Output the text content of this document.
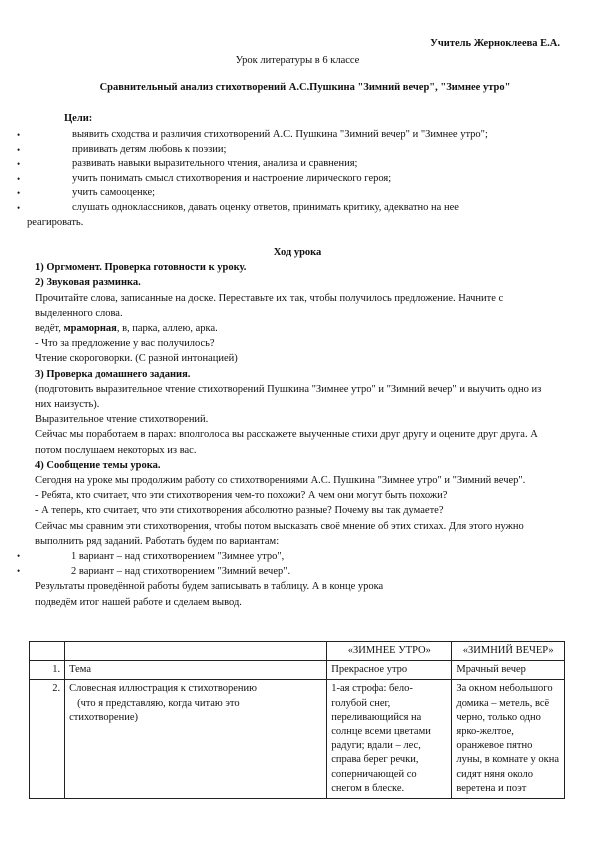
Учитель Жерноклеева Е.А.
Урок литературы в 6 классе
Сравнительный анализ стихотворений А.С.Пушкина "Зимний вечер", "Зимнее утро"
Цели:
•	выявить сходства и различия стихотворений А.С. Пушкина "Зимний вечер" и "Зимнее утро";
•	прививать детям любовь к поэзии;
•	развивать навыки выразительного чтения, анализа и сравнения;
•	учить понимать смысл стихотворения и настроение лирического героя;
•	учить самооценке;
•	слушать одноклассников, давать оценку ответов, принимать критику, адекватно на нее
реагировать.

Ход урока

1) Оргмомент. Проверка готовности к уроку.

2) Звуковая разминка.

Прочитайте слова, записанные на доске. Переставьте их так, чтобы получилось предложение. Начните с выделенного слова.

ведёт, мраморная, в, парка, аллею, арка.

- Что за предложение у вас получилось?

Чтение скороговорки. (С разной интонацией)

3) Проверка домашнего задания.

(подготовить выразительное чтение стихотворений Пушкина "Зимнее утро" и "Зимний вечер" и выучить одно из них наизусть).

Выразительное чтение стихотворений.

Сейчас мы поработаем в парах: вполголоса вы расскажете выученные стихи друг другу и оцените друг друга. А потом послушаем некоторых из вас.

4) Сообщение темы урока.

Сегодня на уроке мы продолжим работу со стихотворениями А.С. Пушкина "Зимнее утро" и "Зимний вечер".

- Ребята, кто считает, что эти стихотворения чем-то похожи? А чем они могут быть похожи?

- А теперь, кто считает, что эти стихотворения абсолютно разные? Почему вы так думаете?

Сейчас мы сравним эти стихотворения, чтобы потом высказать своё мнение об этих стихах. Для этого нужно выполнить ряд заданий. Работать будем по вариантам:

•	1 вариант – над стихотворением "Зимнее утро",
•	2 вариант – над стихотворением "Зимний вечер".

Результаты проведённой работы будем записывать в таблицу. А в конце урока

подведём итог нашей работе и сделаем вывод.

		«ЗИМНЕЕ УТРО»	«ЗИМНИЙ ВЕЧЕР»
1.	Тема	Прекрасное утро	Мрачный вечер
2.	Словесная иллюстрация к стихотворению
(что я представляю, когда читаю это
стихотворение)	1-ая строфа: бело-голубой снег, переливающийся на солнце всеми цветами радуги; вдали – лес, справа берег речки, соперничающей со снегом в блеске.	За окном небольшого домика – метель, всё черно, только одно ярко-желтое, оранжевое пятно луны, в комнате у окна сидят няня около веретена и поэт
